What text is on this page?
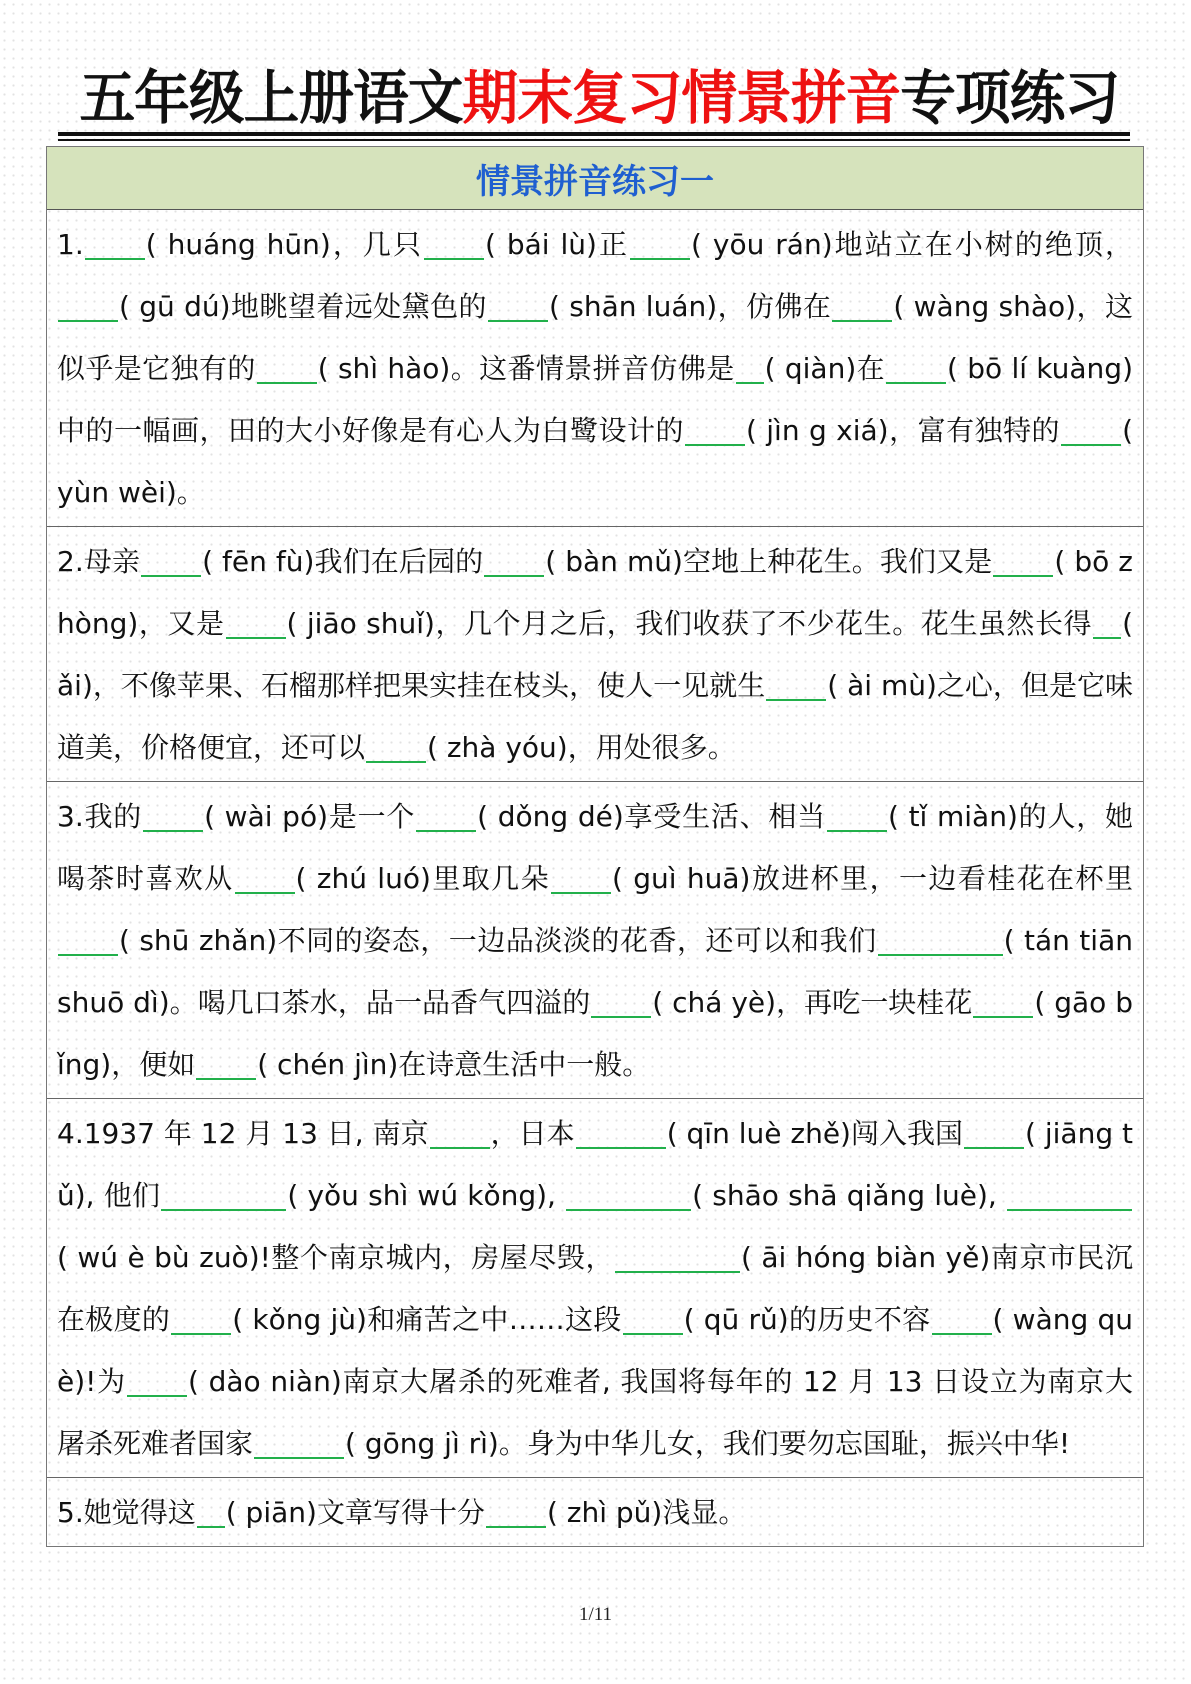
五年级上册语文期末复习情景拼音专项练习
情景拼音练习一
1. ( huáng hūn)，几只 ( bái lù)正 ( yōu rán)地站立在小树的绝顶，( gū dú)地眺望着远处黛色的 ( shān luán)，仿佛在 ( wàng shào)，这似乎是它独有的 ( shì hào)。这番情景拼音仿佛是 ( qiàn)在 ( bō lí kuàng)中的一幅画，田的大小好像是有心人为白鹭设计的 ( jìn g xiá)，富有独特的 ( yùn wèi)。
2.母亲 ( fēn fù)我们在后园的 ( bàn mǔ)空地上种花生。我们又是 ( bō zhòng)，又是 ( jiāo shuǐ)，几个月之后，我们收获了不少花生。花生虽然长得 ( ǎi)，不像苹果、石榴那样把果实挂在枝头，使人一见就生 ( ài mù)之心，但是它味道美，价格便宜，还可以 ( zhà yóu)，用处很多。
3.我的 ( wài pó)是一个 ( dǒng dé)享受生活、相当 ( tǐ miàn)的人，她喝茶时喜欢从 ( zhú luó)里取几朵 ( guì huā)放进杯里，一边看桂花在杯里( shū zhǎn)不同的姿态，一边品淡淡的花香，还可以和我们	( tán tiān shuō dì)。喝几口茶水，品一品香气四溢的 ( chá yè)，再吃一块桂花 ( gāo bǐng)，便如 ( chén jìn)在诗意生活中一般。
4.1937 年 12 月 13 日, 南京 ，日本	( qīn luè zhě)闯入我国 ( jiāng tǔ), 他们	( yǒu shì wú kǒng),	( shāo shā qiǎng luè), ( wú è bù zuò)!整个南京城内，房屋尽毁，	( āi hóng biàn yě)南京市民沉在极度的 ( kǒng jù)和痛苦之中……这段 ( qū rǔ)的历史不容 ( wàng què)!为 ( dào niàn)南京大屠杀的死难者, 我国将每年的 12 月 13 日设立为南京大屠杀死难者国家	( gōng jì rì)。身为中华儿女，我们要勿忘国耻，振兴中华!
5.她觉得这 ( piān)文章写得十分 ( zhì pǔ)浅显。
1/11
